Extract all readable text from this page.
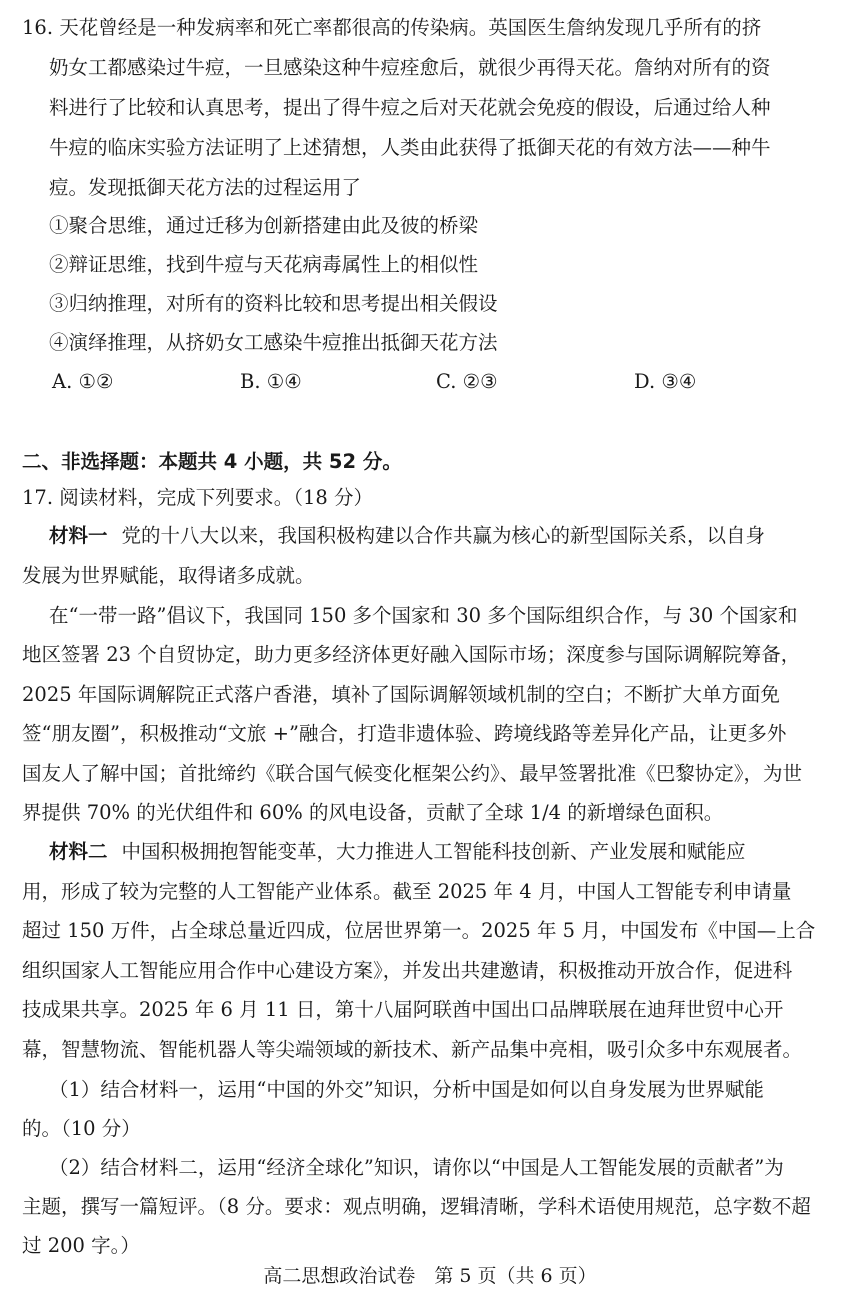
16. 天花曾经是一种发病率和死亡率都很高的传染病。英国医生詹纳发现几乎所有的挤
奶女工都感染过牛痘，一旦感染这种牛痘痊愈后，就很少再得天花。詹纳对所有的资
料进行了比较和认真思考，提出了得牛痘之后对天花就会免疫的假设，后通过给人种
牛痘的临床实验方法证明了上述猜想，人类由此获得了抵御天花的有效方法——种牛
痘。发现抵御天花方法的过程运用了
①聚合思维，通过迁移为创新搭建由此及彼的桥梁
②辩证思维，找到牛痘与天花病毒属性上的相似性
③归纳推理，对所有的资料比较和思考提出相关假设
④演绎推理，从挤奶女工感染牛痘推出抵御天花方法
A. ①②	B. ①④	C. ②③	D. ③④
二、非选择题：本题共 4 小题，共 52 分。
17. 阅读材料，完成下列要求。（18 分）
材料一 党的十八大以来，我国积极构建以合作共赢为核心的新型国际关系，以自身
发展为世界赋能，取得诸多成就。
在“一带一路”倡议下，我国同 150 多个国家和 30 多个国际组织合作，与 30 个国家和
地区签署 23 个自贸协定，助力更多经济体更好融入国际市场；深度参与国际调解院筹备，
2025 年国际调解院正式落户香港，填补了国际调解领域机制的空白；不断扩大单方面免
签“朋友圈”，积极推动“文旅 +”融合，打造非遗体验、跨境线路等差异化产品，让更多外
国友人了解中国；首批缔约《联合国气候变化框架公约》、最早签署批准《巴黎协定》，为世
界提供 70% 的光伏组件和 60% 的风电设备，贡献了全球 1/4 的新增绿色面积。
材料二 中国积极拥抱智能变革，大力推进人工智能科技创新、产业发展和赋能应
用，形成了较为完整的人工智能产业体系。截至 2025 年 4 月，中国人工智能专利申请量
超过 150 万件，占全球总量近四成，位居世界第一。2025 年 5 月，中国发布《中国—上合
组织国家人工智能应用合作中心建设方案》，并发出共建邀请，积极推动开放合作，促进科
技成果共享。2025 年 6 月 11 日，第十八届阿联酋中国出口品牌联展在迪拜世贸中心开
幕，智慧物流、智能机器人等尖端领域的新技术、新产品集中亮相，吸引众多中东观展者。
（1）结合材料一，运用“中国的外交”知识，分析中国是如何以自身发展为世界赋能
的。（10 分）
（2）结合材料二，运用“经济全球化”知识，请你以“中国是人工智能发展的贡献者”为
主题，撰写一篇短评。（8 分。要求：观点明确，逻辑清晰，学科术语使用规范，总字数不超
过 200 字。）
高二思想政治试卷　第 5 页（共 6 页）
